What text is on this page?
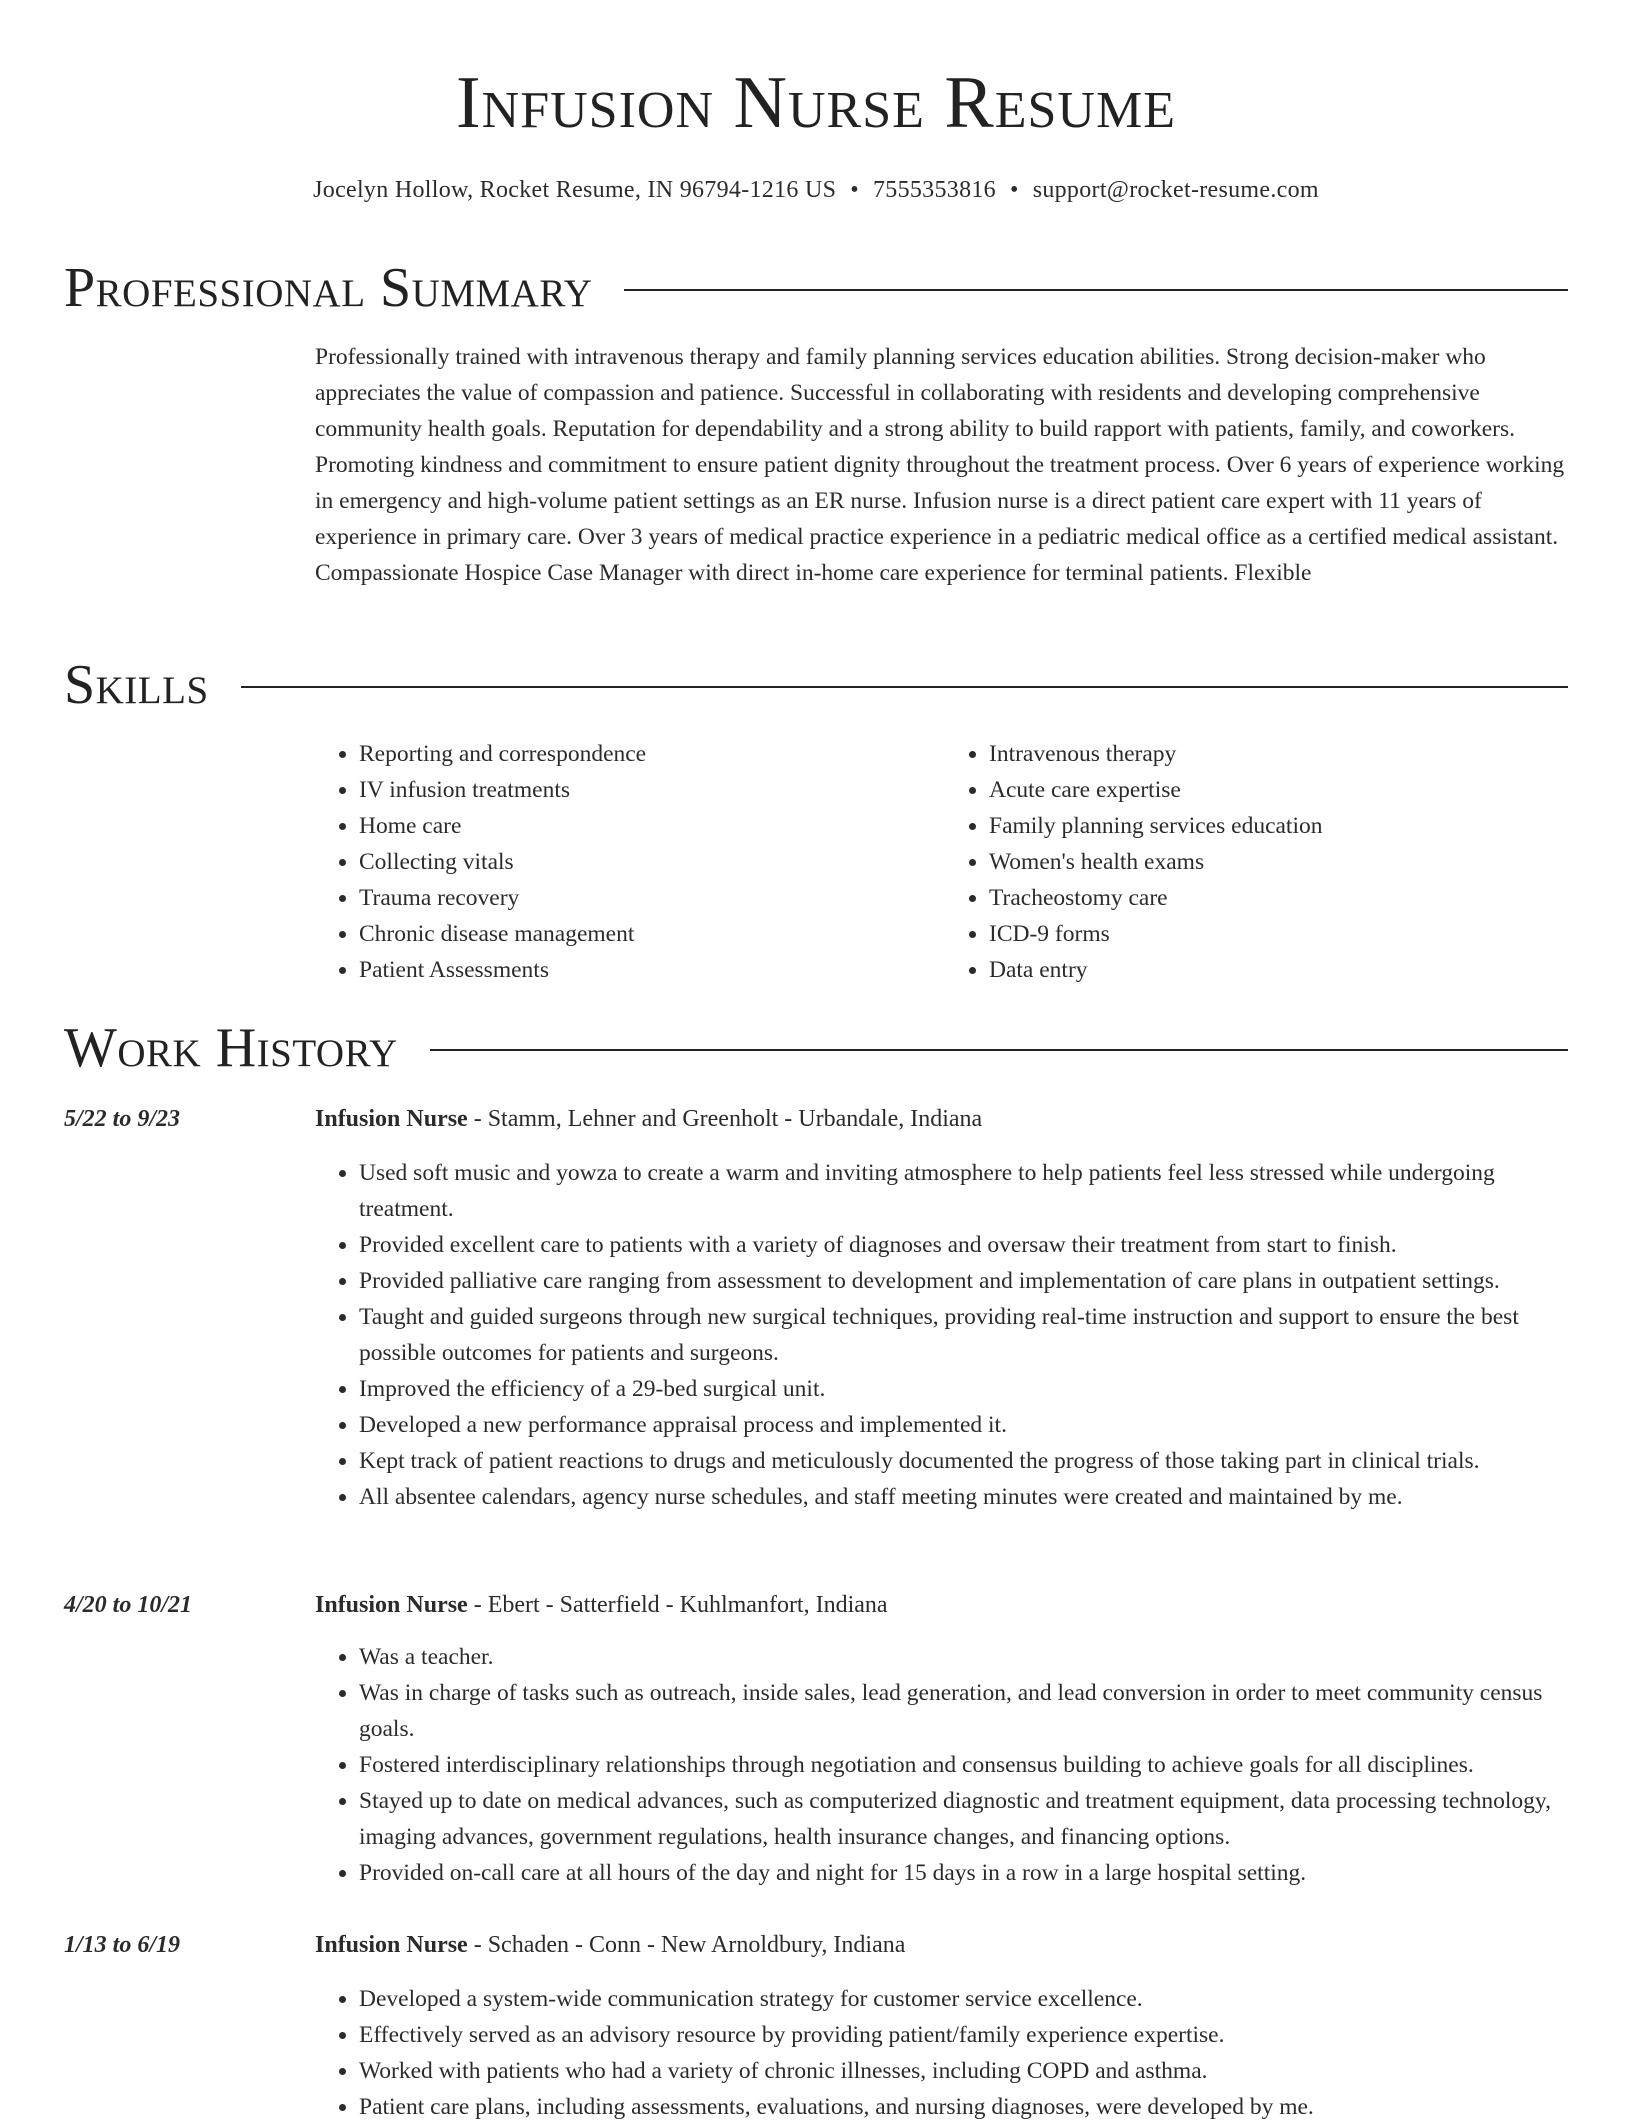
Infusion Nurse Resume
Jocelyn Hollow, Rocket Resume, IN 96794-1216 US • 7555353816 • support@rocket-resume.com
Professional Summary

Professionally trained with intravenous therapy and family planning services education abilities. Strong decision-maker who appreciates the value of compassion and patience. Successful in collaborating with residents and developing comprehensive community health goals. Reputation for dependability and a strong ability to build rapport with patients, family, and coworkers. Promoting kindness and commitment to ensure patient dignity throughout the treatment process. Over 6 years of experience working in emergency and high-volume patient settings as an ER nurse. Infusion nurse is a direct patient care expert with 11 years of experience in primary care. Over 3 years of medical practice experience in a pediatric medical office as a certified medical assistant. Compassionate Hospice Case Manager with direct in-home care experience for terminal patients. Flexible

Skills
• Reporting and correspondence
• IV infusion treatments
• Home care
• Collecting vitals
• Trauma recovery
• Chronic disease management
• Patient Assessments
• Intravenous therapy
• Acute care expertise
• Family planning services education
• Women's health exams
• Tracheostomy care
• ICD-9 forms
• Data entry
Work History
5/22 to 9/23	Infusion Nurse - Stamm, Lehner and Greenholt - Urbandale, Indiana
• Used soft music and yowza to create a warm and inviting atmosphere to help patients feel less stressed while undergoing treatment.
• Provided excellent care to patients with a variety of diagnoses and oversaw their treatment from start to finish.
• Provided palliative care ranging from assessment to development and implementation of care plans in outpatient settings.
• Taught and guided surgeons through new surgical techniques, providing real-time instruction and support to ensure the best possible outcomes for patients and surgeons.
• Improved the efficiency of a 29-bed surgical unit.
• Developed a new performance appraisal process and implemented it.
• Kept track of patient reactions to drugs and meticulously documented the progress of those taking part in clinical trials.
• All absentee calendars, agency nurse schedules, and staff meeting minutes were created and maintained by me.
4/20 to 10/21	Infusion Nurse - Ebert - Satterfield - Kuhlmanfort, Indiana
• Was a teacher.
• Was in charge of tasks such as outreach, inside sales, lead generation, and lead conversion in order to meet community census goals.
• Fostered interdisciplinary relationships through negotiation and consensus building to achieve goals for all disciplines.
• Stayed up to date on medical advances, such as computerized diagnostic and treatment equipment, data processing technology, imaging advances, government regulations, health insurance changes, and financing options.
• Provided on-call care at all hours of the day and night for 15 days in a row in a large hospital setting.
1/13 to 6/19	Infusion Nurse - Schaden - Conn - New Arnoldbury, Indiana
• Developed a system-wide communication strategy for customer service excellence.
• Effectively served as an advisory resource by providing patient/family experience expertise.
• Worked with patients who had a variety of chronic illnesses, including COPD and asthma.
• Patient care plans, including assessments, evaluations, and nursing diagnoses, were developed by me.
